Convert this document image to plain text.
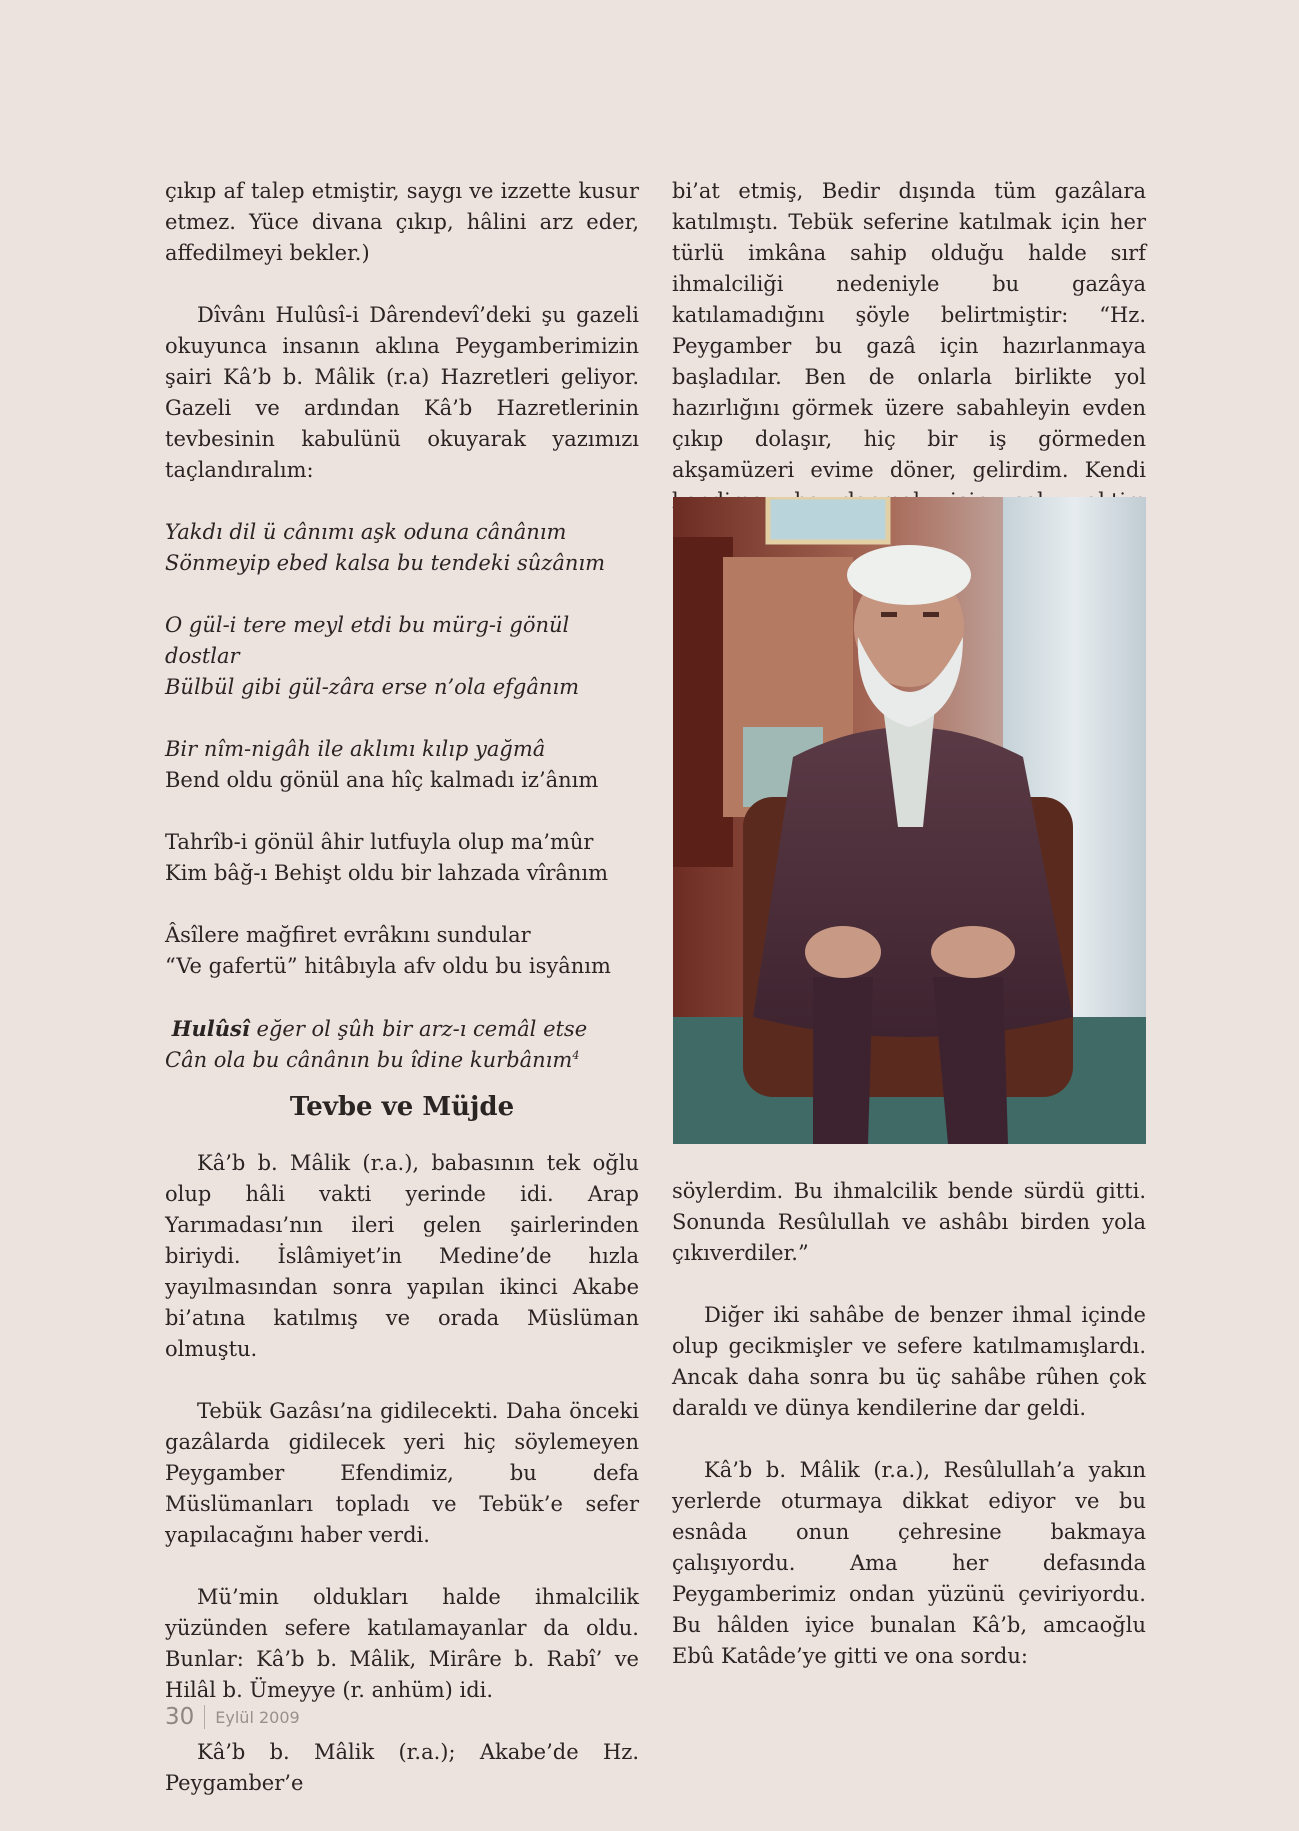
çıkıp af talep etmiştir, saygı ve izzette kusur etmez. Yüce divana çıkıp, hâlini arz eder, affedilmeyi bekler.)

Dîvânı Hulûsî-i Dârendevî’deki şu gazeli okuyunca insanın aklına Peygamberimizin şairi Kâ’b b. Mâlik (r.a) Hazretleri geliyor. Gazeli ve ardından Kâ’b Hazretlerinin tevbesinin kabulünü okuyarak yazımızı taçlandıralım:

Yakdı dil ü cânımı aşk oduna cânânım
Sönmeyip ebed kalsa bu tendeki sûzânım
O gül-i tere meyl etdi bu mürg-i gönül dostlar
Bülbül gibi gül-zâra erse n’ola efgânım
Bir nîm-nigâh ile aklımı kılıp yağmâ
Bend oldu gönül ana hîç kalmadı iz’ânım
Tahrîb-i gönül âhir lutfuyla olup ma’mûr
Kim bâğ-ı Behişt oldu bir lahzada vîrânım
Âsîlere mağfiret evrâkını sundular
“Ve gafertü” hitâbıyla afv oldu bu isyânım
Hulûsî eğer ol şûh bir arz-ı cemâl etse
Cân ola bu cânânın bu îdine kurbânım$^4$
Tevbe ve Müjde

Kâ’b b. Mâlik (r.a.), babasının tek oğlu olup hâli vakti yerinde idi. Arap Yarımadası’nın ileri gelen şairlerinden biriydi. İslâmiyet’in Medine’de hızla yayılmasından sonra yapılan ikinci Akabe bi’atına katılmış ve orada Müslüman olmuştu.

Tebük Gazâsı’na gidilecekti. Daha önceki gazâlarda gidilecek yeri hiç söylemeyen Peygamber Efendimiz, bu defa Müslümanları topladı ve Tebük’e sefer yapılacağını haber verdi.

Mü’min oldukları halde ihmalcilik yüzünden sefere katılamayanlar da oldu. Bunlar: Kâ’b b. Mâlik, Mirâre b. Rabî’ ve Hilâl b. Ümeyye (r. anhüm) idi.

Kâ’b b. Mâlik (r.a.); Akabe’de Hz. Peygamber’e

bi’at etmiş, Bedir dışında tüm gazâlara katılmıştı. Tebük seferine katılmak için her türlü imkâna sahip olduğu halde sırf ihmalciliği nedeniyle bu gazâya katılamadığını şöyle belirtmiştir: “Hz. Peygamber bu gazâ için hazırlanmaya başladılar. Ben de onlarla birlikte yol hazırlığını görmek üzere sabahleyin evden çıkıp dolaşır, hiç bir iş görmeden akşamüzeri evime döner, gelirdim. Kendi

söylerdim. Bu ihmalcilik bende sürdü gitti. Sonunda Resûlullah ve ashâbı birden yola çıkıverdiler.”

Diğer iki sahâbe de benzer ihmal içinde olup gecikmişler ve sefere katılmamışlardı. Ancak daha sonra bu üç sahâbe rûhen çok daraldı ve dünya kendilerine dar geldi.

Kâ’b b. Mâlik (r.a.), Resûlullah’a yakın yerlerde oturmaya dikkat ediyor ve bu esnâda onun çehresine bakmaya çalışıyordu. Ama her defasında Peygamberimiz ondan yüzünü çeviriyordu. Bu hâlden iyice bunalan Kâ’b, amcaoğlu Ebû Katâde’ye gitti ve ona sordu:

30 Eylül 2009
